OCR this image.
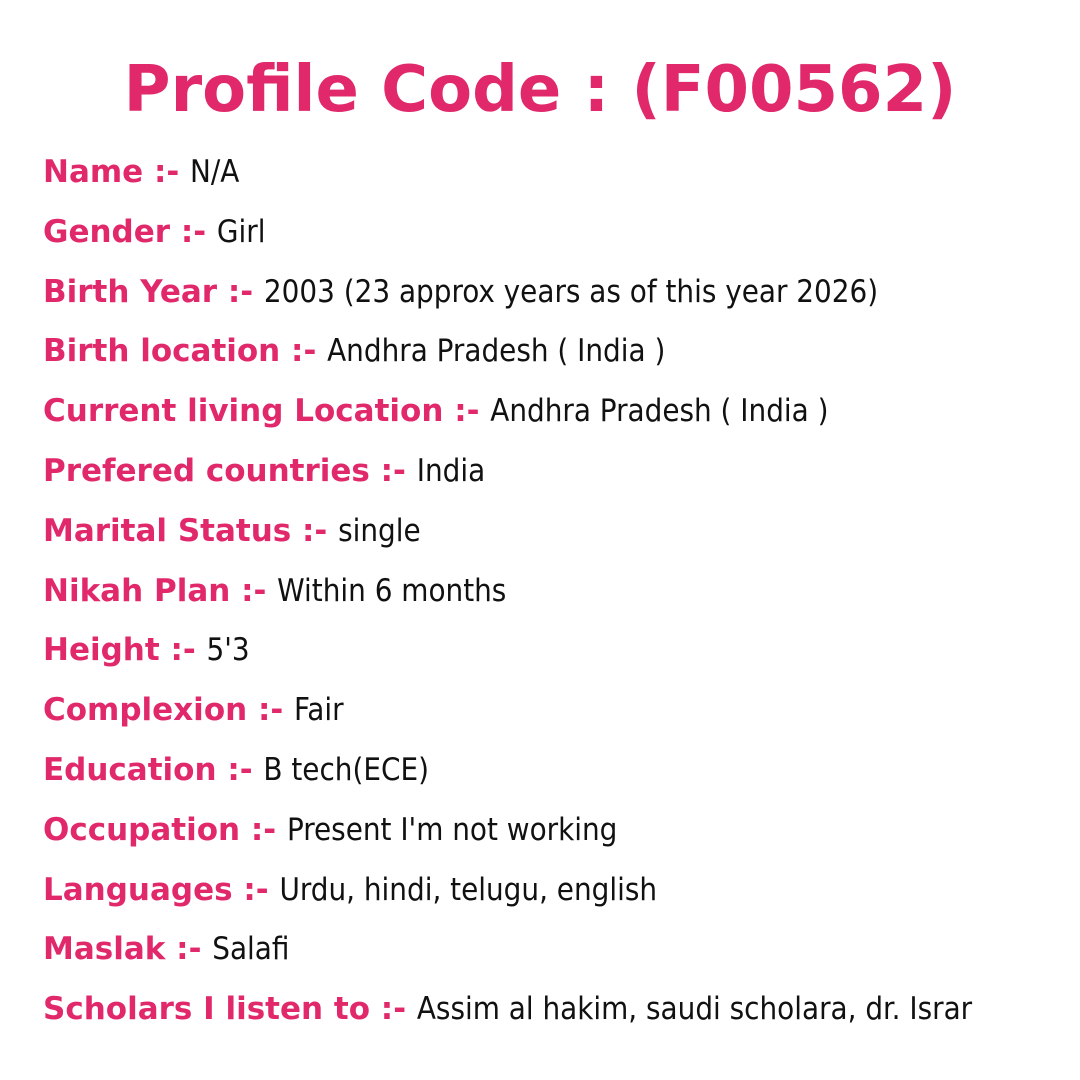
Profile Code : (F00562)
Name :- N/A
Gender :- Girl
Birth Year :- 2003 (23 approx years as of this year 2026)
Birth location :- Andhra Pradesh ( India )
Current living Location :- Andhra Pradesh ( India )
Prefered countries :- India
Marital Status :- single
Nikah Plan :- Within 6 months
Height :- 5'3
Complexion :- Fair
Education :- B tech(ECE)
Occupation :- Present I'm not working
Languages :- Urdu, hindi, telugu, english
Maslak :- Salafi
Scholars I listen to :- Assim al hakim, saudi scholara, dr. Israr
